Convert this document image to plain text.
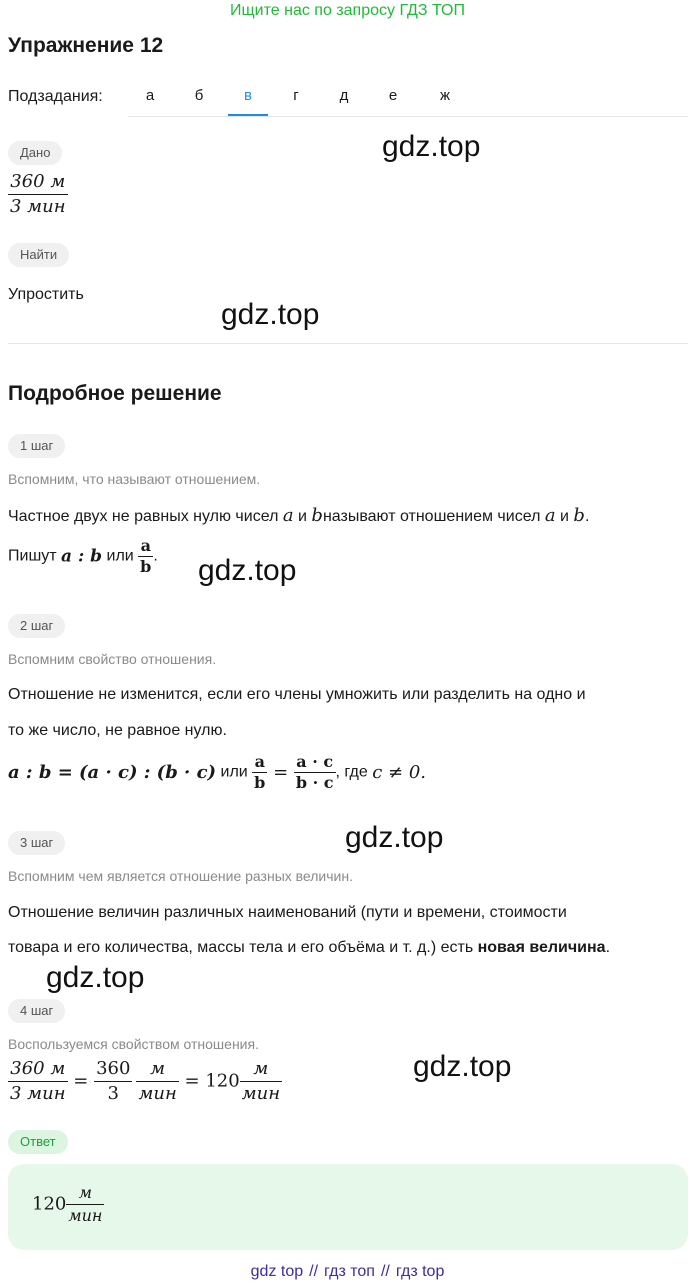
Ищите нас по запросу ГДЗ ТОП
Упражнение 12
Подзадания:	а	б	в	г	д	е	ж
Дано
360 м
3 мин
gdz.top
Найти
Упростить
gdz.top
Подробное решение
1 шаг
Вспомним, что называют отношением.
Частное двух не равных нулю чисел a и bназывают отношением чисел a и b.
Пишут a : b или $\frac{a}{b}$ . gdz.top
2 шаг
Вспомним свойство отношения.
Отношение не изменится, если его члены умножить или разделить на одно и
то же число, не равное нулю.
a : b = (a · c) : (b · c) или $\frac{a}{b} = \frac{a \cdot c}{b \cdot c}$ , где c ≠ 0.
gdz.top
3 шаг
Вспомним чем является отношение разных величин.
Отношение величин различных наименований (пути и времени, стоимости
товара и его количества, массы тела и его объёма и т. д.) есть новая величина.
gdz.top
4 шаг
Воспользуемся свойством отношения.
$\frac{360 м}{\text{3 мин}} = \frac{360}{3} \frac{м}{\text{мин}} = 120 \frac{м}{\text{мин}}$	gdz.top
Ответ
$120 \frac{м}{\text{мин}}$
gdz top // гдз топ // гдз top
